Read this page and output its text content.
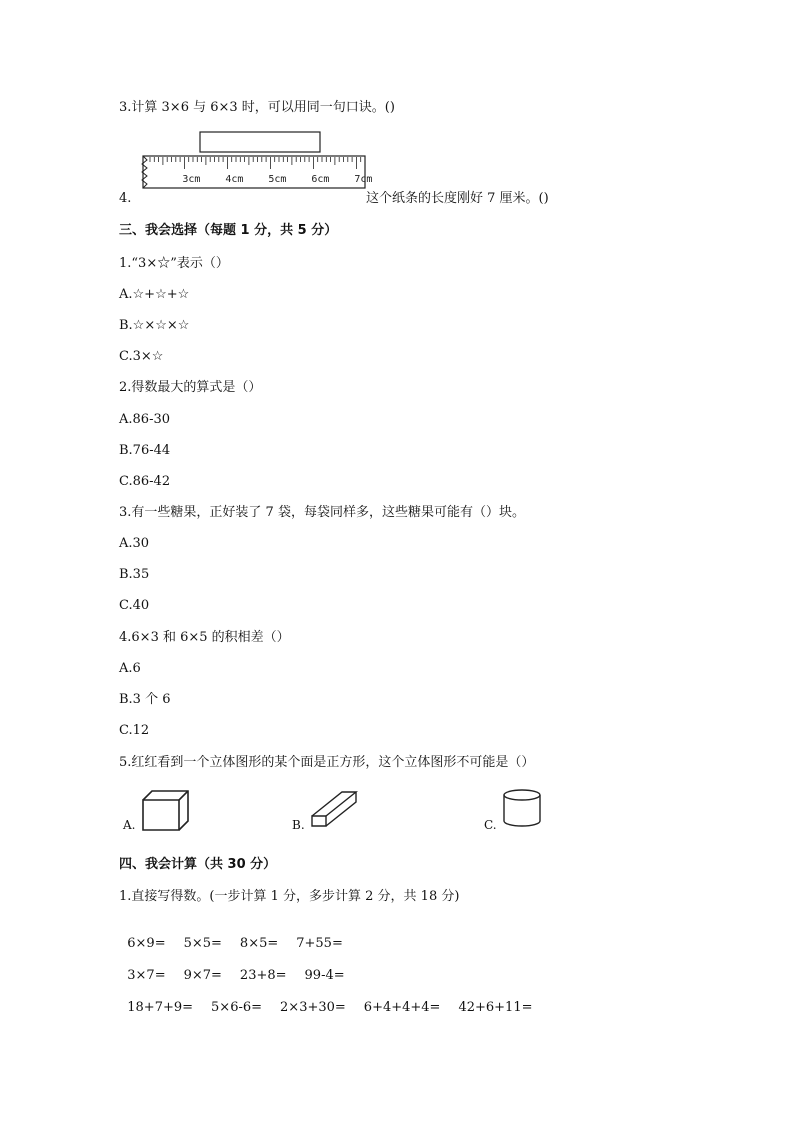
3.计算 3×6 与 6×3 时，可以用同一句口诀。()
4.
3cm 4cm 5cm 6cm 7cm
这个纸条的长度刚好 7 厘米。()
三、我会选择（每题 1 分，共 5 分）
1.“3×☆”表示（）
A.☆+☆+☆
B.☆×☆×☆
C.3×☆
2.得数最大的算式是（）
A.86-30
B.76-44
C.86-42
3.有一些糖果，正好装了 7 袋，每袋同样多，这些糖果可能有（）块。
A.30
B.35
C.40
4.6×3 和 6×5 的积相差（）
A.6
B.3 个 6
C.12
5.红红看到一个立体图形的某个面是正方形，这个立体图形不可能是（）
A.	B.	C.
四、我会计算（共 30 分）
1.直接写得数。(一步计算 1 分，多步计算 2 分，共 18 分)

6×9= 5×5= 8×5= 7+55=

3×7= 9×7= 23+8= 99-4=

18+7+9= 5×6-6= 2×3+30= 6+4+4+4= 42+6+11=
